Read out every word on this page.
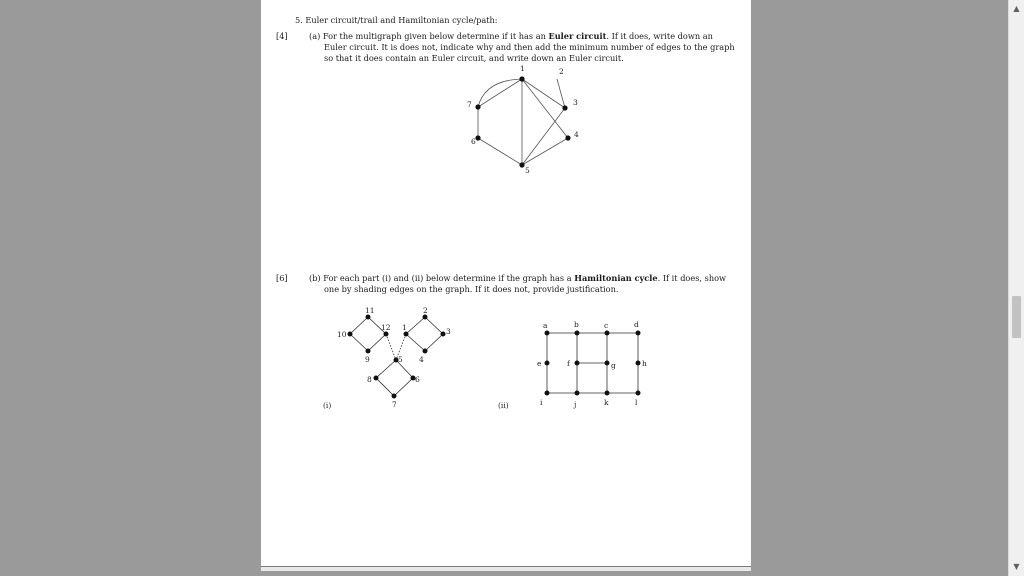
5. Euler circuit/trail and Hamiltonian cycle/path:
[4]	(a) For the multigraph given below determine if it has an Euler circuit. If it does, write down an
Euler circuit. It is does not, indicate why and then add the minimum number of edges to the graph
so that it does contain an Euler circuit, and write down an Euler circuit.
1	2
3
4
5
6
7
[6]	(b) For each part (i) and (ii) below determine if the graph has a Hamiltonian cycle. If it does, show
one by shading edges on the graph. If it does not, provide justification.
11	2
12 1	3
10
9	5 4
8	6
7
(i)
a	b	c	d
e	f	g	h
i	j	k	l
(ii)
▲
▼
